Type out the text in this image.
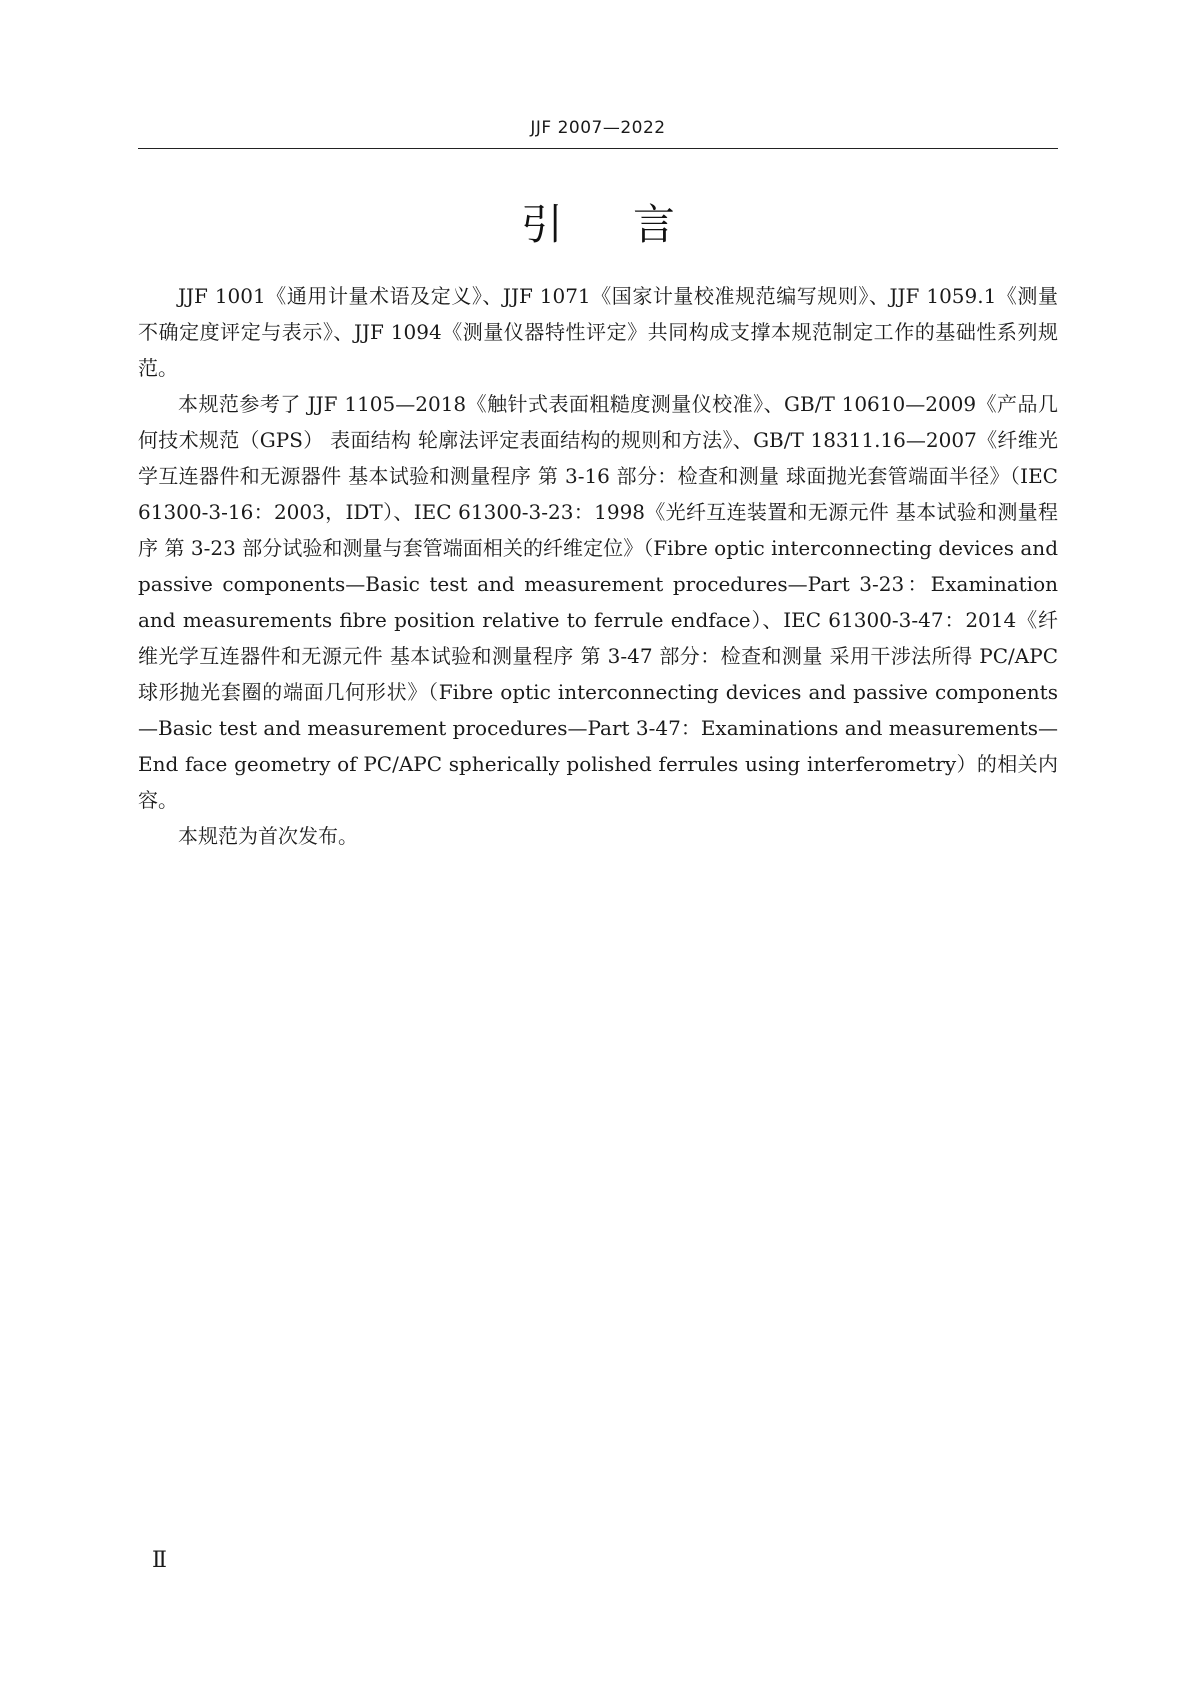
JJF 2007—2022
引言

JJF 1001《通用计量术语及定义》、JJF 1071《国家计量校准规范编写规则》、JJF 1059.1《测量不确定度评定与表示》、JJF 1094《测量仪器特性评定》共同构成支撑本规范制定工作的基础性系列规范。

本规范参考了 JJF 1105—2018《触针式表面粗糙度测量仪校准》、GB/T 10610—2009《产品几何技术规范（GPS） 表面结构 轮廓法评定表面结构的规则和方法》、GB/T 18311.16—2007《纤维光学互连器件和无源器件 基本试验和测量程序 第 3-16 部分：检查和测量 球面抛光套管端面半径》（IEC 61300-3-16：2003，IDT）、IEC 61300-3-23：1998《光纤互连装置和无源元件 基本试验和测量程序 第 3-23 部分试验和测量与套管端面相关的纤维定位》（Fibre optic interconnecting devices and passive components—Basic test and measurement procedures—Part 3-23：Examination and measurements fibre position relative to ferrule endface）、IEC 61300-3-47：2014《纤维光学互连器件和无源元件 基本试验和测量程序 第 3-47 部分：检查和测量 采用干涉法所得 PC/APC 球形抛光套圈的端面几何形状》（Fibre optic interconnecting devices and passive components—Basic test and measurement procedures—Part 3-47：Examinations and measurements—End face geometry of PC/APC spherically polished ferrules using interferometry）的相关内容。

本规范为首次发布。

Ⅱ
